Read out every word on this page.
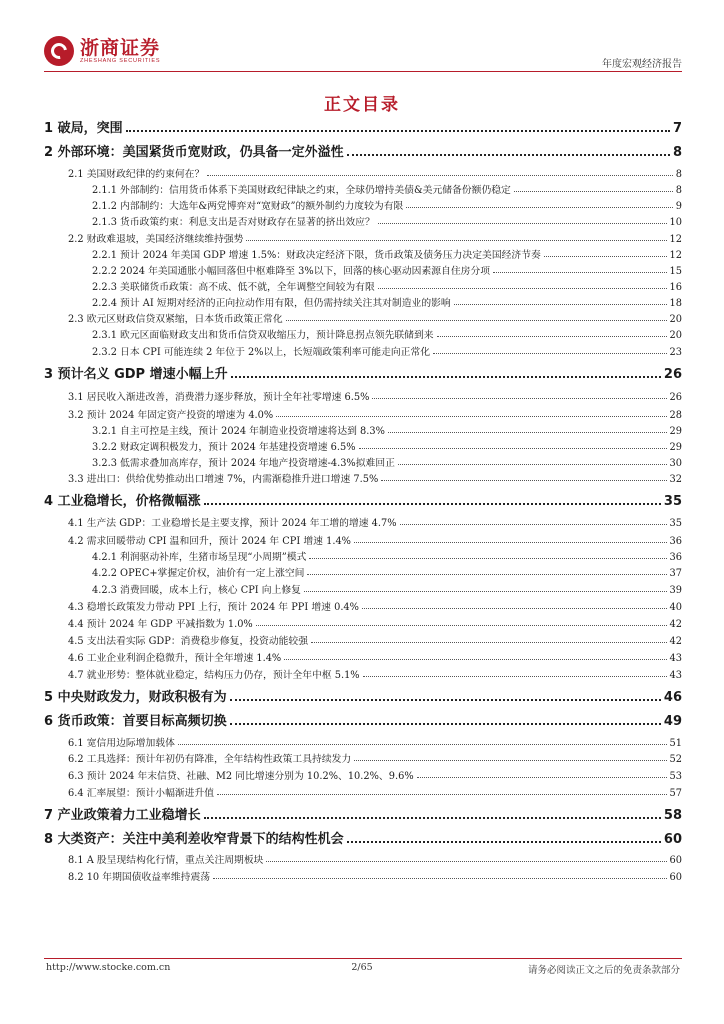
浙商证券
ZHESHANG SECURITIES	年度宏观经济报告
正文目录
1 破局，突围	7
2 外部环境：美国紧货币宽财政，仍具备一定外溢性	8
2.1 美国财政纪律的约束何在？	8
2.1.1 外部制约：信用货币体系下美国财政纪律缺之约束，全球仍增持美债&美元储备份额仍稳定	8
2.1.2 内部制约：大选年&两党博弈对“宽财政”的额外制约力度较为有限	9
2.1.3 货币政策约束：利息支出是否对财政存在显著的挤出效应？	10
2.2 财政难退坡，美国经济继续维持强势	12
2.2.1 预计 2024 年美国 GDP 增速 1.5%：财政决定经济下限，货币政策及债务压力决定美国经济节奏	12
2.2.2 2024 年美国通胀小幅回落但中枢难降至 3%以下，回落的核心驱动因素源自住房分项	15
2.2.3 美联储货币政策：高不成、低不就，全年调整空间较为有限	16
2.2.4 预计 AI 短期对经济的正向拉动作用有限，但仍需持续关注其对制造业的影响	18
2.3 欧元区财政信贷双紧缩，日本货币政策正常化	20
2.3.1 欧元区面临财政支出和货币信贷双收缩压力，预计降息拐点领先联储到来	20
2.3.2 日本 CPI 可能连续 2 年位于 2%以上，长短端政策利率可能走向正常化	23
3 预计名义 GDP 增速小幅上升	26
3.1 居民收入渐进改善，消费潜力逐步释放，预计全年社零增速 6.5%	26
3.2 预计 2024 年固定资产投资的增速为 4.0%	28
3.2.1 自主可控是主线，预计 2024 年制造业投资增速将达到 8.3%	29
3.2.2 财政定调积极发力，预计 2024 年基建投资增速 6.5%	29
3.2.3 低需求叠加高库存，预计 2024 年地产投资增速-4.3%拟难回正	30
3.3 进出口：供给优势推动出口增速 7%，内需渐稳推升进口增速 7.5%	32
4 工业稳增长，价格微幅涨	35
4.1 生产法 GDP：工业稳增长是主要支撑，预计 2024 年工增的增速 4.7%	35
4.2 需求回暖带动 CPI 温和回升，预计 2024 年 CPI 增速 1.4%	36
4.2.1 利润驱动补库，生猪市场呈现“小周期”模式	36
4.2.2 OPEC+掌握定价权，油价有一定上涨空间	37
4.2.3 消费回暖，成本上行，核心 CPI 向上修复	39
4.3 稳增长政策发力带动 PPI 上行，预计 2024 年 PPI 增速 0.4%	40
4.4 预计 2024 年 GDP 平减指数为 1.0%	42
4.5 支出法看实际 GDP：消费稳步修复，投资动能较强	42
4.6 工业企业利润企稳微升，预计全年增速 1.4%	43
4.7 就业形势：整体就业稳定，结构压力仍存，预计全年中枢 5.1%	43
5 中央财政发力，财政积极有为	46
6 货币政策：首要目标高频切换	49
6.1 宽信用边际增加载体	51
6.2 工具选择：预计年初仍有降准，全年结构性政策工具持续发力	52
6.3 预计 2024 年末信贷、社融、M2 同比增速分别为 10.2%、10.2%、9.6%	53
6.4 汇率展望：预计小幅渐进升值	57
7 产业政策着力工业稳增长	58
8 大类资产：关注中美利差收窄背景下的结构性机会	60
8.1 A 股呈现结构化行情，重点关注周期板块	60
8.2 10 年期国债收益率维持震荡	60
http://www.stocke.com.cn	2/65	请务必阅读正文之后的免责条款部分
